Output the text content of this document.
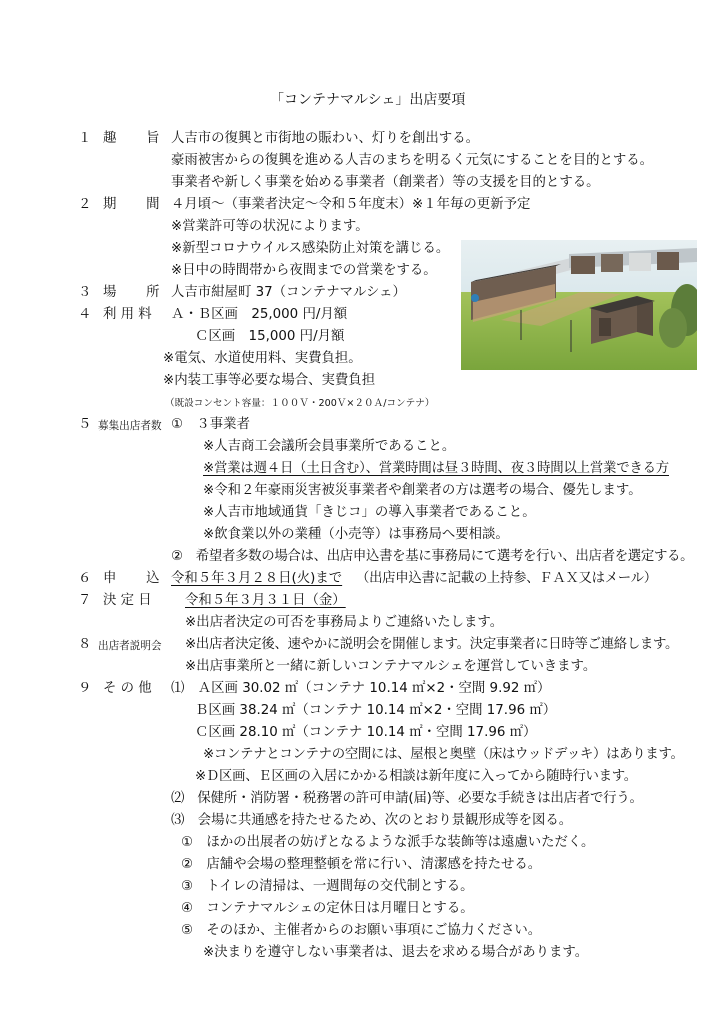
「コンテナマルシェ」出店要項
１ 趣　　旨 人吉市の復興と市街地の賑わい、灯りを創出する。
豪雨被害からの復興を進める人吉のまちを明るく元気にすることを目的とする。
事業者や新しく事業を始める事業者（創業者）等の支援を目的とする。
２ 期　　間 ４月頃～（事業者決定～令和５年度末）※１年毎の更新予定
※営業許可等の状況によります。
※新型コロナウイルス感染防止対策を講じる。
※日中の時間帯から夜間までの営業をする。
３ 場　　所 人吉市紺屋町 37（コンテナマルシェ）
４ 利 用 料 Ａ・Ｂ区画　25,000 円/月額
Ｃ区画　15,000 円/月額
※電気、水道使用料、実費負担。
※内装工事等必要な場合、実費負担
（既設コンセント容量：１００Ｖ・200Ｖ×２０Ａ/コンテナ）
５ 募集出店者数 ①　３事業者
※人吉商工会議所会員事業所であること。
※営業は週４日（土日含む）、営業時間は昼３時間、夜３時間以上営業できる方
※令和２年豪雨災害被災事業者や創業者の方は選考の場合、優先します。
※人吉市地域通貨「きじコ」の導入事業者であること。
※飲食業以外の業種（小売等）は事務局へ要相談。
②　希望者多数の場合は、出店申込書を基に事務局にて選考を行い、出店者を選定する。
６ 申　　込 令和５年３月２８日(火)まで （出店申込書に記載の上持参、ＦＡＸ又はメール）
７ 決 定 日 令和５年３月３１日（金）
※出店者決定の可否を事務局よりご連絡いたします。
８ 出店者説明会 ※出店者決定後、速やかに説明会を開催します。決定事業者に日時等ご連絡します。
※出店事業所と一緒に新しいコンテナマルシェを運営していきます。
９ そ の 他 ⑴　Ａ区画 30.02 ㎡（コンテナ 10.14 ㎡×2・空間 9.92 ㎡）
Ｂ区画 38.24 ㎡（コンテナ 10.14 ㎡×2・空間 17.96 ㎡）
Ｃ区画 28.10 ㎡（コンテナ 10.14 ㎡・空間 17.96 ㎡）
※コンテナとコンテナの空間には、屋根と奥壁（床はウッドデッキ）はあります。
※Ｄ区画、Ｅ区画の入居にかかる相談は新年度に入ってから随時行います。
⑵　保健所・消防署・税務署の許可申請(届)等、必要な手続きは出店者で行う。
⑶　会場に共通感を持たせるため、次のとおり景観形成等を図る。
①　ほかの出展者の妨げとなるような派手な装飾等は遠慮いただく。
②　店舗や会場の整理整頓を常に行い、清潔感を持たせる。
③　トイレの清掃は、一週間毎の交代制とする。
④　コンテナマルシェの定休日は月曜日とする。
⑤　そのほか、主催者からのお願い事項にご協力ください。
※決まりを遵守しない事業者は、退去を求める場合があります。
